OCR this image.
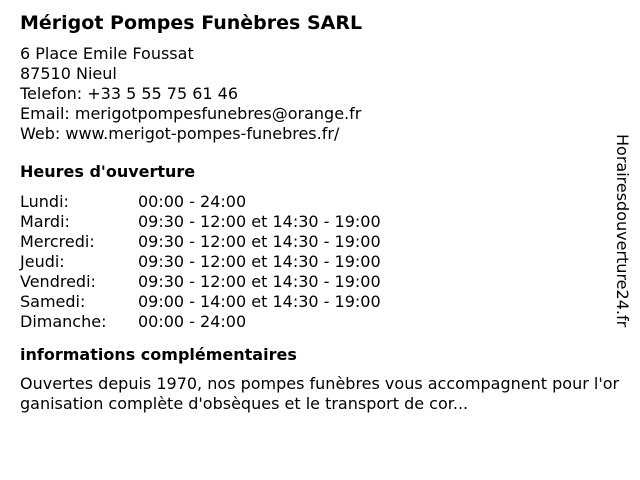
Mérigot Pompes Funèbres SARL
6 Place Emile Foussat
87510 Nieul
Telefon: +33 5 55 75 61 46
Email: merigotpompesfunebres@orange.fr
Web: www.merigot-pompes-funebres.fr/
Heures d'ouverture
Lundi:	00:00 - 24:00
Mardi:	09:30 - 12:00 et 14:30 - 19:00
Mercredi:	09:30 - 12:00 et 14:30 - 19:00
Jeudi:	09:30 - 12:00 et 14:30 - 19:00
Vendredi:	09:30 - 12:00 et 14:30 - 19:00
Samedi:	09:00 - 14:00 et 14:30 - 19:00
Dimanche:	00:00 - 24:00
informations complémentaires
Ouvertes depuis 1970, nos pompes funèbres vous accompagnent pour l'organisation complète d'obsèques et le transport de cor...
Horairesdouverture24.fr
